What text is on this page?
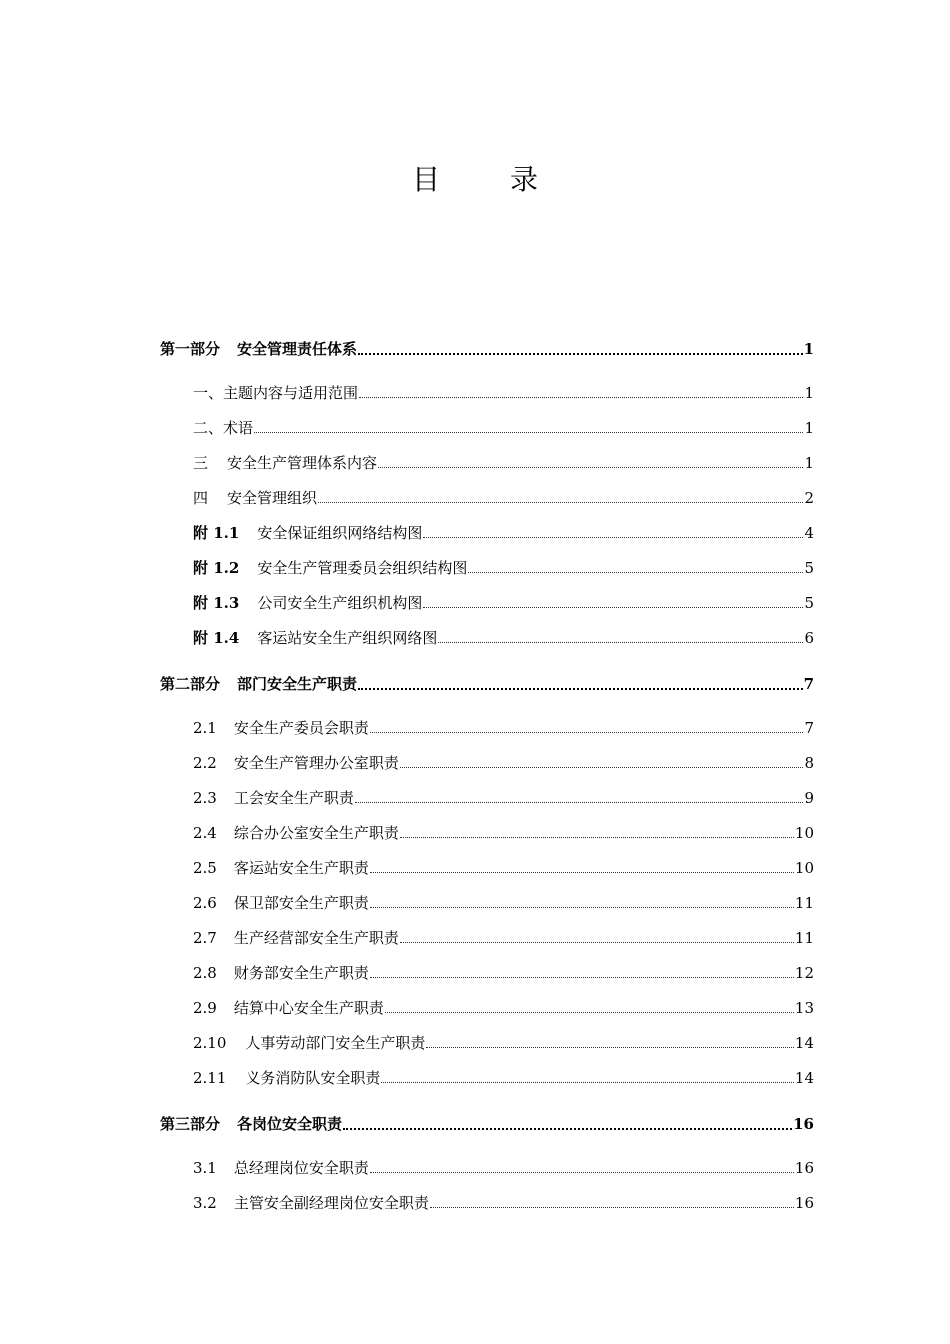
目	录
第一部分 安全管理责任体系	1
一、主题内容与适用范围	1
二、术语	1
三 安全生产管理体系内容	1
四 安全管理组织	2
附 1.1 安全保证组织网络结构图	4
附 1.2 安全生产管理委员会组织结构图	5
附 1.3 公司安全生产组织机构图	5
附 1.4 客运站安全生产组织网络图	6
第二部分 部门安全生产职责	7
2.1 安全生产委员会职责	7
2.2 安全生产管理办公室职责	8
2.3 工会安全生产职责	9
2.4 综合办公室安全生产职责	10
2.5 客运站安全生产职责	10
2.6 保卫部安全生产职责	11
2.7 生产经营部安全生产职责	11
2.8 财务部安全生产职责	12
2.9 结算中心安全生产职责	13
2.10 人事劳动部门安全生产职责	14
2.11 义务消防队安全职责	14
第三部分 各岗位安全职责	16
3.1 总经理岗位安全职责	16
3.2 主管安全副经理岗位安全职责	16
